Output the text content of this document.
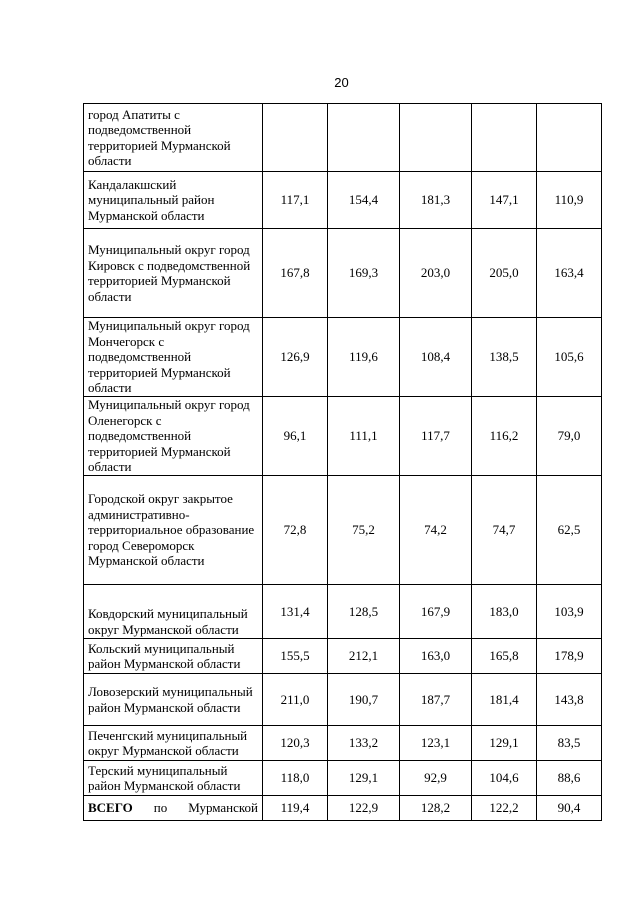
20
город Апатиты с подведомственной территорией Мурманской области					
Кандалакшский муниципальный район Мурманской области	117,1	154,4	181,3	147,1	110,9
Муниципальный округ город Кировск с подведомственной территорией Мурманской области	167,8	169,3	203,0	205,0	163,4
Муниципальный округ город Мончегорск с подведомственной территорией Мурманской области	126,9	119,6	108,4	138,5	105,6
Муниципальный округ город Оленегорск с подведомственной территорией Мурманской области	96,1	111,1	117,7	116,2	79,0
Городской округ закрытое административно-территориальное образование город Североморск Мурманской области	72,8	75,2	74,2	74,7	62,5
Ковдорский муниципальный округ Мурманской области	131,4	128,5	167,9	183,0	103,9
Кольский муниципальный район Мурманской области	155,5	212,1	163,0	165,8	178,9
Ловозерский муниципальный район Мурманской области	211,0	190,7	187,7	181,4	143,8
Печенгский муниципальный округ Мурманской области	120,3	133,2	123,1	129,1	83,5
Терский муниципальный район Мурманской области	118,0	129,1	92,9	104,6	88,6

ВСЕГО по Мурманской	119,4	122,9	128,2	122,2	90,4
